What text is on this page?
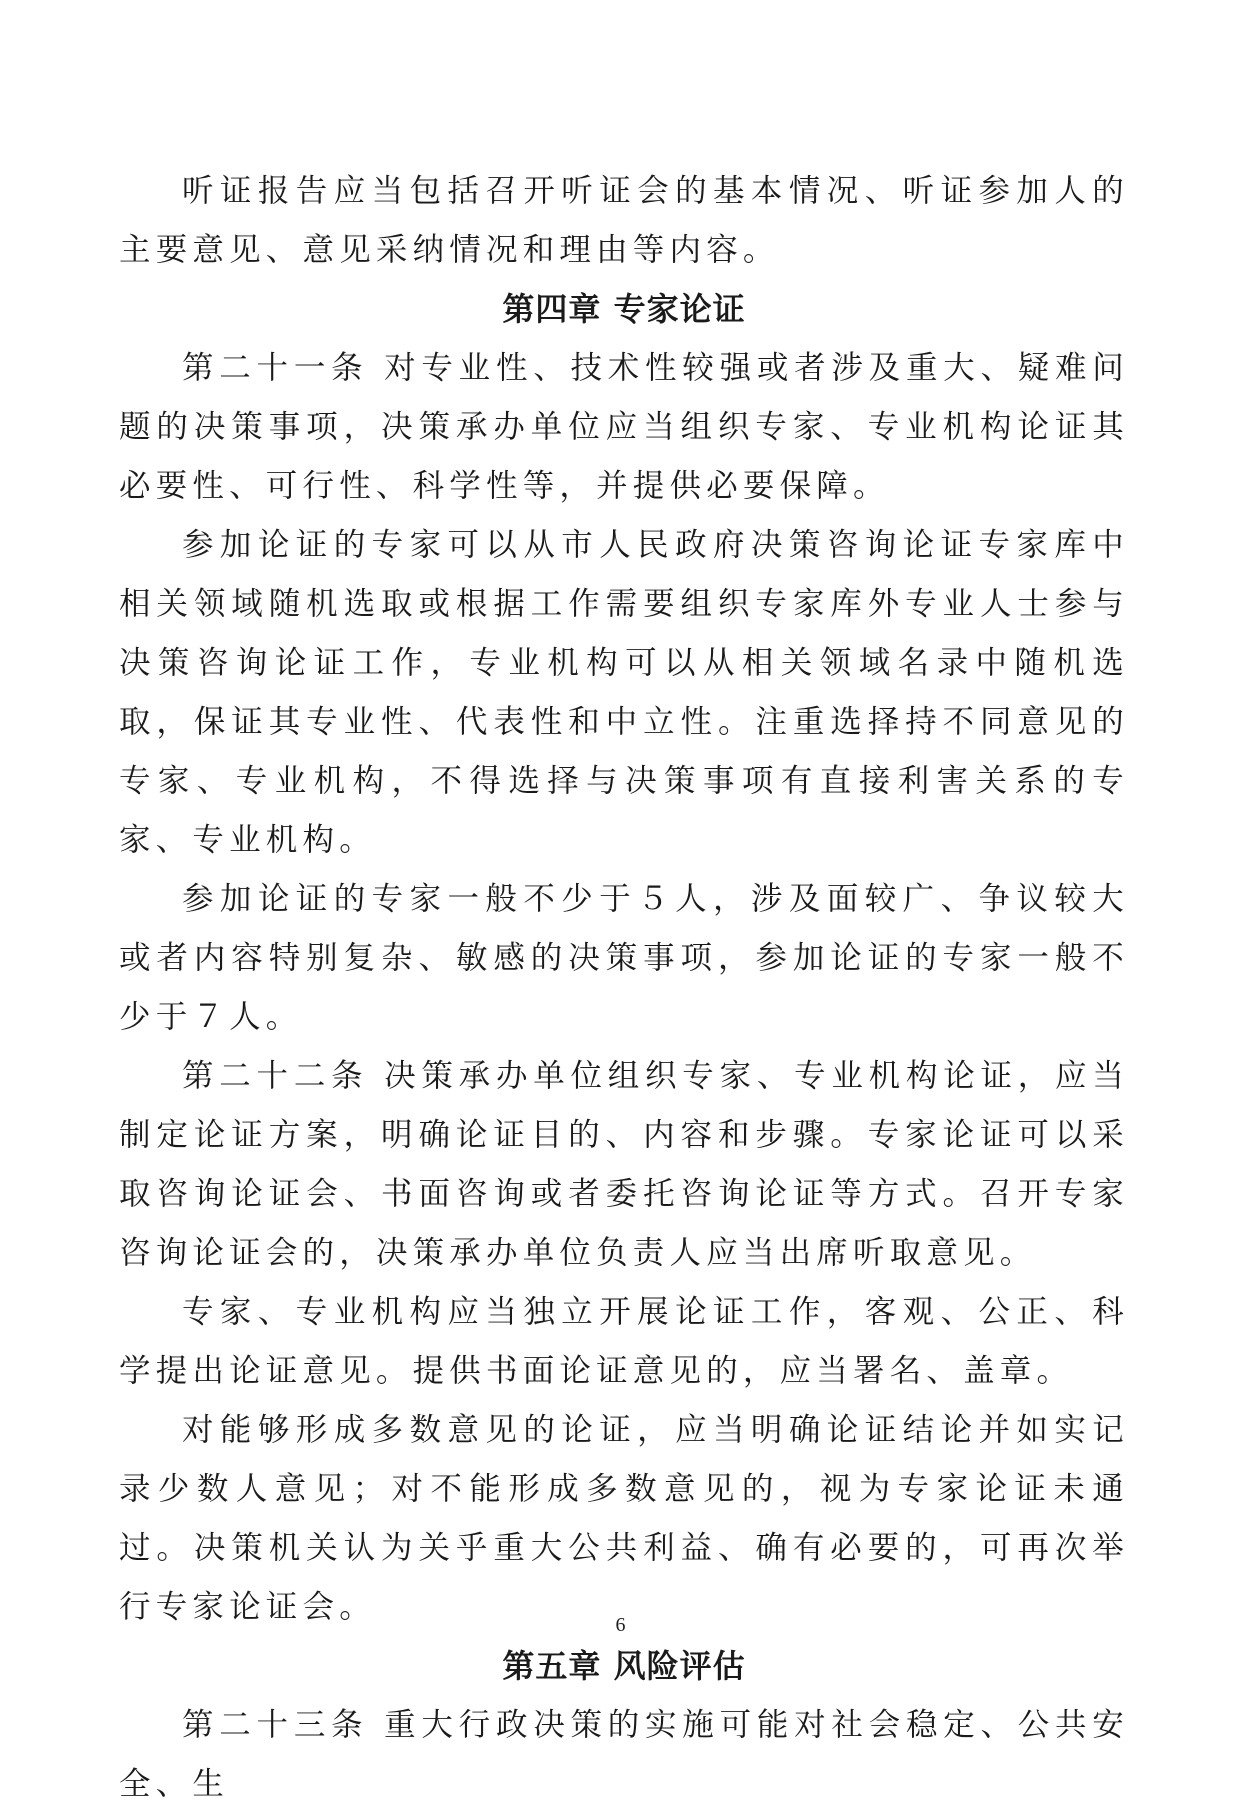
听证报告应当包括召开听证会的基本情况、听证参加人的主要意见、意见采纳情况和理由等内容。

第四章 专家论证

第二十一条 对专业性、技术性较强或者涉及重大、疑难问题的决策事项，决策承办单位应当组织专家、专业机构论证其必要性、可行性、科学性等，并提供必要保障。

参加论证的专家可以从市人民政府决策咨询论证专家库中相关领域随机选取或根据工作需要组织专家库外专业人士参与决策咨询论证工作，专业机构可以从相关领域名录中随机选取，保证其专业性、代表性和中立性。注重选择持不同意见的专家、专业机构，不得选择与决策事项有直接利害关系的专家、专业机构。

参加论证的专家一般不少于５人，涉及面较广、争议较大或者内容特别复杂、敏感的决策事项，参加论证的专家一般不少于７人。

第二十二条 决策承办单位组织专家、专业机构论证，应当制定论证方案，明确论证目的、内容和步骤。专家论证可以采取咨询论证会、书面咨询或者委托咨询论证等方式。召开专家咨询论证会的，决策承办单位负责人应当出席听取意见。

专家、专业机构应当独立开展论证工作，客观、公正、科学提出论证意见。提供书面论证意见的，应当署名、盖章。

对能够形成多数意见的论证，应当明确论证结论并如实记录少数人意见；对不能形成多数意见的，视为专家论证未通过。决策机关认为关乎重大公共利益、确有必要的，可再次举行专家论证会。

第五章 风险评估

第二十三条 重大行政决策的实施可能对社会稳定、公共安全、生

6
